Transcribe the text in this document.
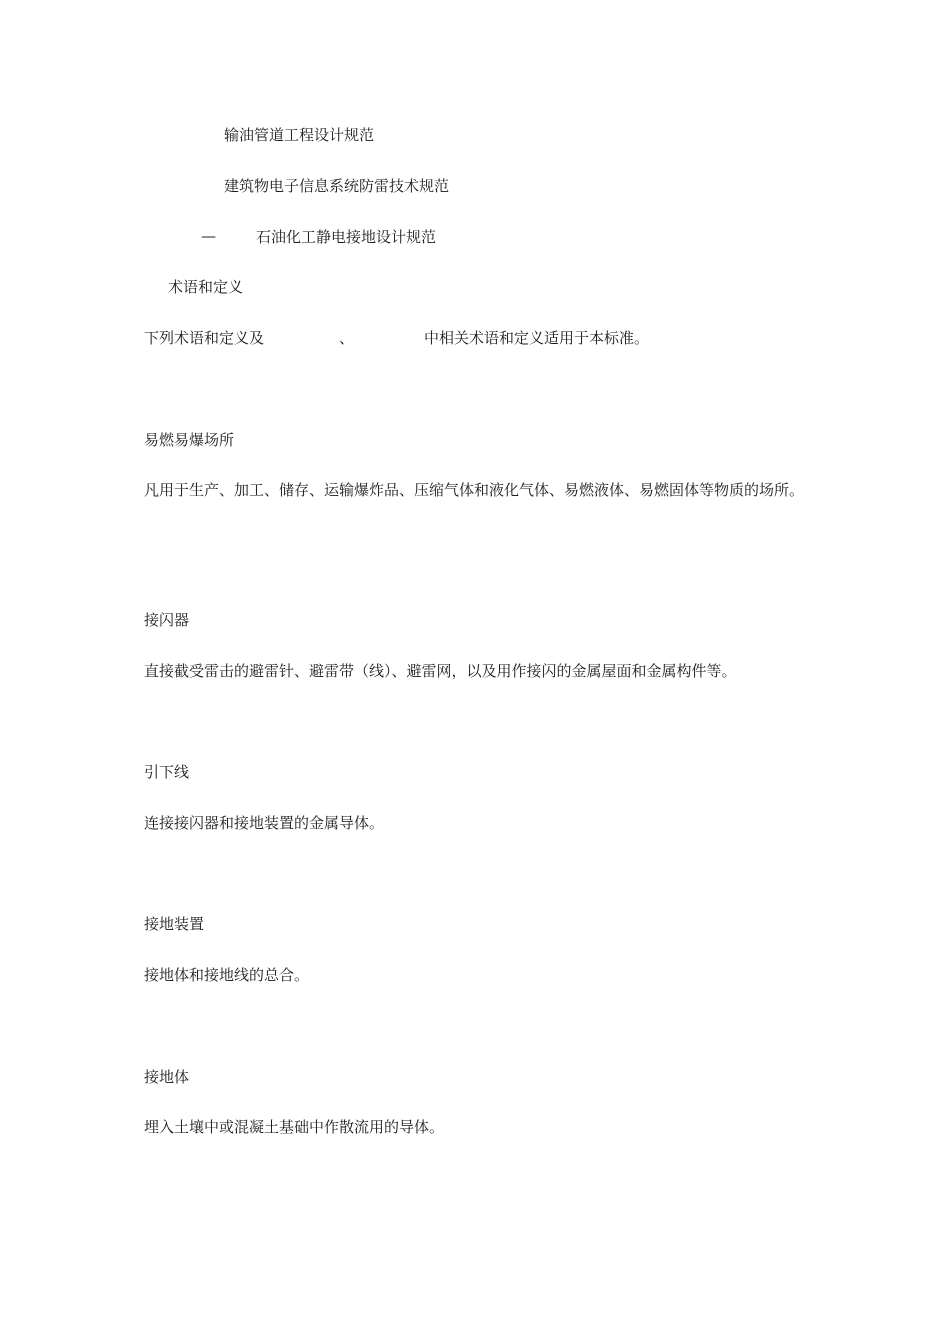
输油管道工程设计规范
建筑物电子信息系统防雷技术规范
—	石油化工静电接地设计规范
术语和定义
下列术语和定义及	、	中相关术语和定义适用于本标准。
易燃易爆场所
凡用于生产、加工、储存、运输爆炸品、压缩气体和液化气体、易燃液体、易燃固体等物质的场所。
接闪器
直接截受雷击的避雷针、避雷带（线）、避雷网，以及用作接闪的金属屋面和金属构件等。
引下线
连接接闪器和接地装置的金属导体。
接地装置
接地体和接地线的总合。
接地体
埋入土壤中或混凝土基础中作散流用的导体。
